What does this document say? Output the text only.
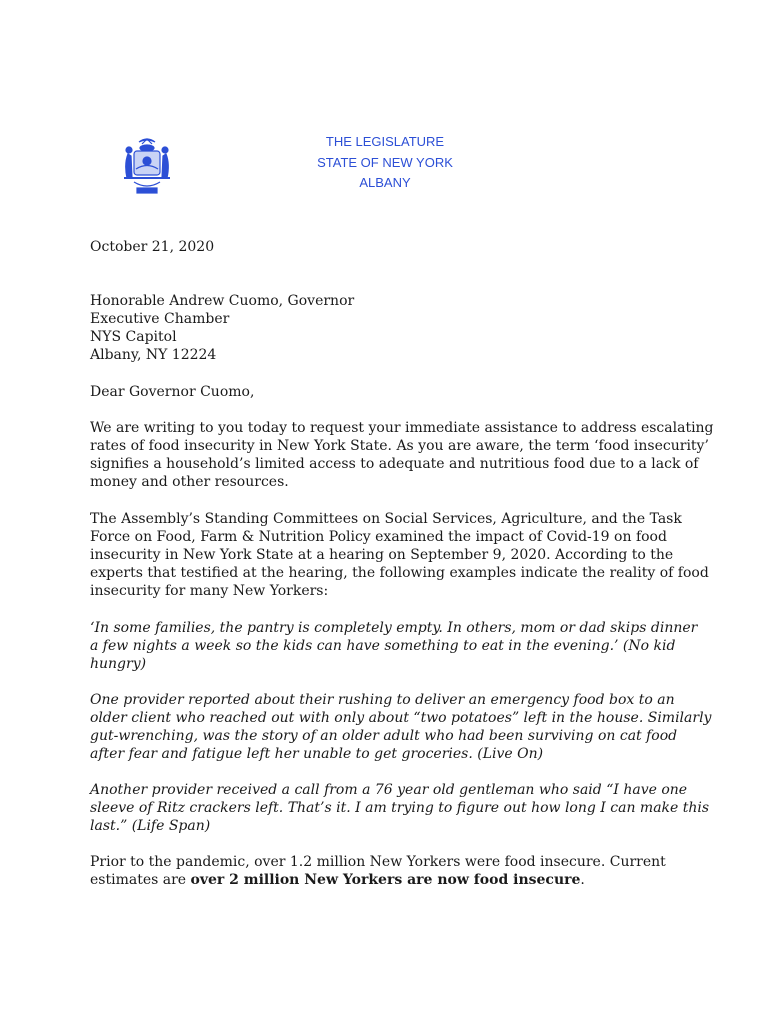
THE LEGISLATURE
STATE OF NEW YORK
ALBANY
October 21, 2020
Honorable Andrew Cuomo, Governor
Executive Chamber
NYS Capitol
Albany, NY 12224
Dear Governor Cuomo,
We are writing to you today to request your immediate assistance to address escalating
rates of food insecurity in New York State. As you are aware, the term ‘food insecurity’
signifies a household’s limited access to adequate and nutritious food due to a lack of
money and other resources.
The Assembly’s Standing Committees on Social Services, Agriculture, and the Task
Force on Food, Farm & Nutrition Policy examined the impact of Covid-19 on food
insecurity in New York State at a hearing on September 9, 2020. According to the
experts that testified at the hearing, the following examples indicate the reality of food
insecurity for many New Yorkers:
‘In some families, the pantry is completely empty. In others, mom or dad skips dinner
a few nights a week so the kids can have something to eat in the evening.’ (No kid
hungry)
One provider reported about their rushing to deliver an emergency food box to an
older client who reached out with only about “two potatoes” left in the house. Similarly
gut-wrenching, was the story of an older adult who had been surviving on cat food
after fear and fatigue left her unable to get groceries. (Live On)
Another provider received a call from a 76 year old gentleman who said “I have one
sleeve of Ritz crackers left. That’s it. I am trying to figure out how long I can make this
last.” (Life Span)
Prior to the pandemic, over 1.2 million New Yorkers were food insecure. Current
estimates are over 2 million New Yorkers are now food insecure.
